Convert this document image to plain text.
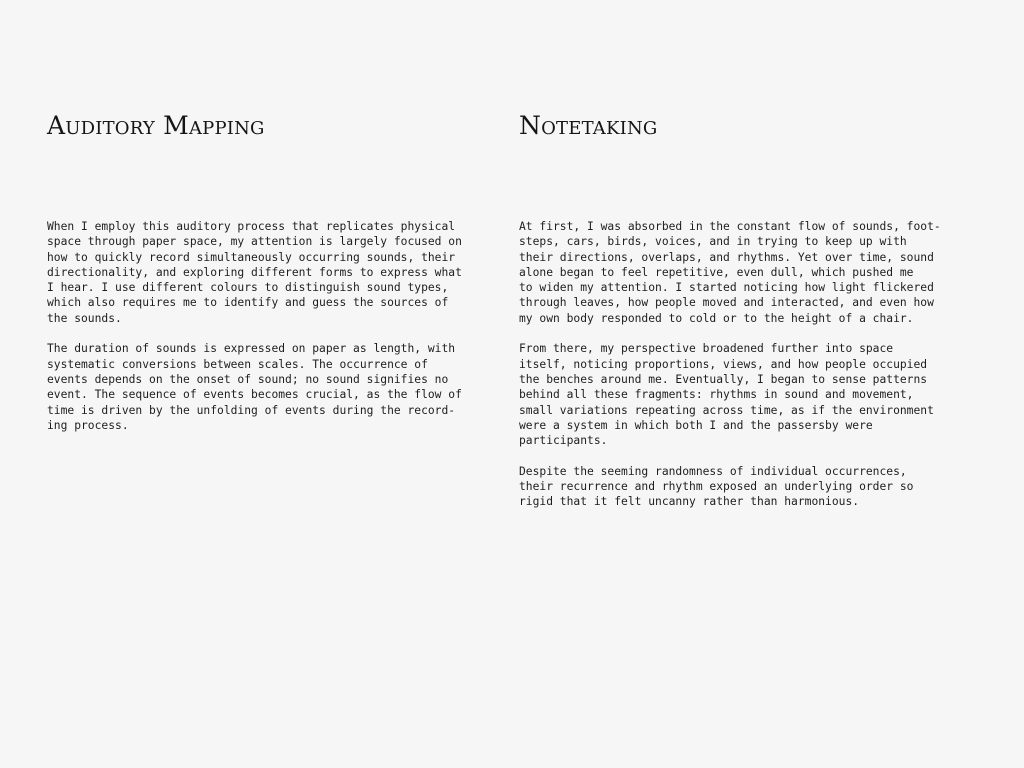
Auditory Mapping

When I employ this auditory process that replicates physical
space through paper space, my attention is largely focused on
how to quickly record simultaneously occurring sounds, their
directionality, and exploring different forms to express what
I hear. I use different colours to distinguish sound types,
which also requires me to identify and guess the sources of
the sounds.

The duration of sounds is expressed on paper as length, with
systematic conversions between scales. The occurrence of
events depends on the onset of sound; no sound signifies no
event. The sequence of events becomes crucial, as the flow of
time is driven by the unfolding of events during the record-
ing process.

Notetaking

At first, I was absorbed in the constant flow of sounds, foot-
steps, cars, birds, voices, and in trying to keep up with
their directions, overlaps, and rhythms. Yet over time, sound
alone began to feel repetitive, even dull, which pushed me
to widen my attention. I started noticing how light flickered
through leaves, how people moved and interacted, and even how
my own body responded to cold or to the height of a chair.

From there, my perspective broadened further into space
itself, noticing proportions, views, and how people occupied
the benches around me. Eventually, I began to sense patterns
behind all these fragments: rhythms in sound and movement,
small variations repeating across time, as if the environment
were a system in which both I and the passersby were
participants.

Despite the seeming randomness of individual occurrences,
their recurrence and rhythm exposed an underlying order so
rigid that it felt uncanny rather than harmonious.
